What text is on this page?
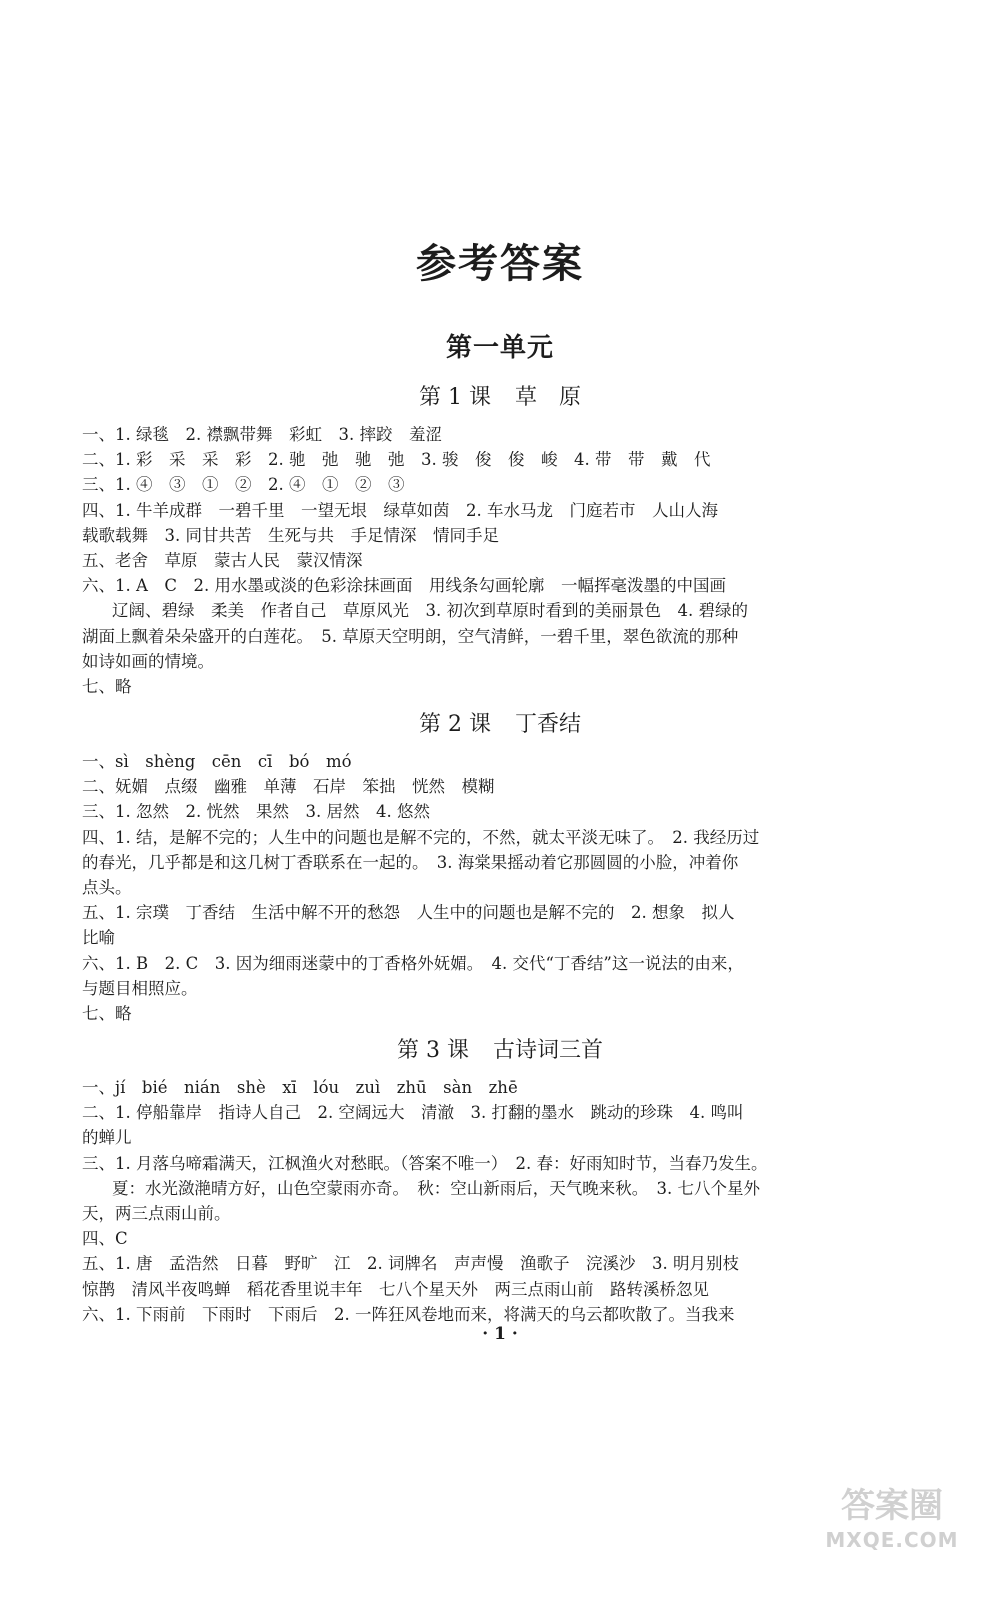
参考答案
第一单元
第 1 课 草　原

一、1. 绿毯　2. 襟飘带舞　彩虹　3. 摔跤　羞涩

二、1. 彩　采　采　彩　2. 驰　弛　驰　弛　3. 骏　俊　俊　峻　4. 带　带　戴　代

三、1. ④　③　①　②　2. ④　①　②　③

四、1. 牛羊成群　一碧千里　一望无垠　绿草如茵　2. 车水马龙　门庭若市　人山人海

载歌载舞　3. 同甘共苦　生死与共　手足情深　情同手足

五、老舍　草原　蒙古人民　蒙汉情深

六、1. A　C　2. 用水墨或淡的色彩涂抹画面　用线条勾画轮廓　一幅挥毫泼墨的中国画

辽阔、碧绿　柔美　作者自己　草原风光　3. 初次到草原时看到的美丽景色　4. 碧绿的

湖面上飘着朵朵盛开的白莲花。　5. 草原天空明朗，空气清鲜，一碧千里，翠色欲流的那种

如诗如画的情境。

七、略

第 2 课 丁香结

一、sì　shèng　cēn　cī　bó　mó

二、妩媚　点缀　幽雅　单薄　石岸　笨拙　恍然　模糊

三、1. 忽然　2. 恍然　果然　3. 居然　4. 悠然

四、1. 结，是解不完的；人生中的问题也是解不完的，不然，就太平淡无味了。　2. 我经历过

的春光，几乎都是和这几树丁香联系在一起的。　3. 海棠果摇动着它那圆圆的小脸，冲着你

点头。

五、1. 宗璞　丁香结　生活中解不开的愁怨　人生中的问题也是解不完的　2. 想象　拟人

比喻

六、1. B　2. C　3. 因为细雨迷蒙中的丁香格外妩媚。　4. 交代“丁香结”这一说法的由来，

与题目相照应。

七、略

第 3 课 古诗词三首

一、jí　bié　nián　shè　xī　lóu　zuì　zhū　sàn　zhē

二、1. 停船靠岸　指诗人自己　2. 空阔远大　清澈　3. 打翻的墨水　跳动的珍珠　4. 鸣叫

的蝉儿

三、1. 月落乌啼霜满天，江枫渔火对愁眠。（答案不唯一）　2. 春：好雨知时节，当春乃发生。

夏：水光潋滟晴方好，山色空蒙雨亦奇。　秋：空山新雨后，天气晚来秋。　3. 七八个星外

天，两三点雨山前。

四、C

五、1. 唐　孟浩然　日暮　野旷　江　2. 词牌名　声声慢　渔歌子　浣溪沙　3. 明月别枝

惊鹊　清风半夜鸣蝉　稻花香里说丰年　七八个星天外　两三点雨山前　路转溪桥忽见

六、1. 下雨前　下雨时　下雨后　2. 一阵狂风卷地而来，将满天的乌云都吹散了。当我来

· 1 ·
答案圈
MXQE.COM
